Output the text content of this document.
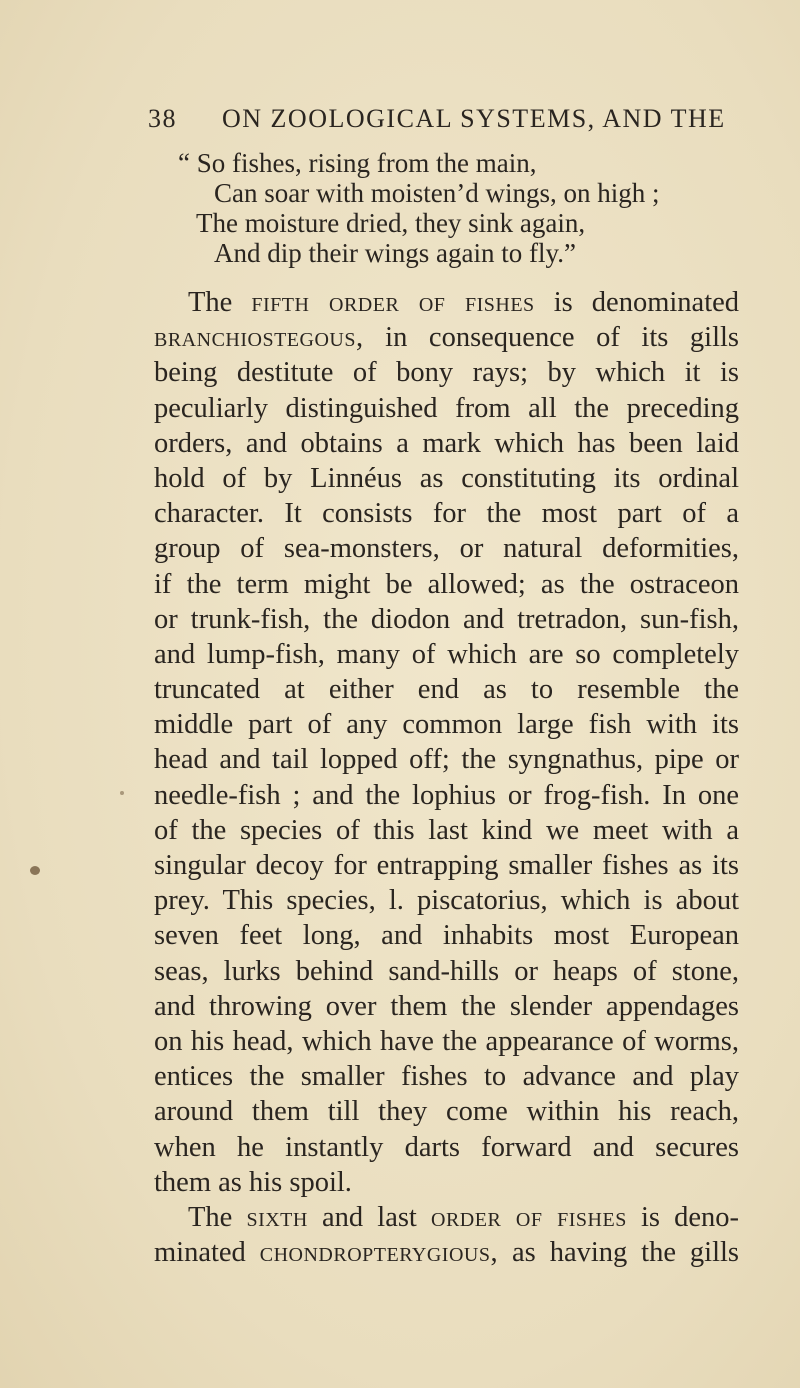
38 ON ZOOLOGICAL SYSTEMS, AND THE
“ So fishes, rising from the main,
Can soar with moisten’d wings, on high ;
The moisture dried, they sink again,
And dip their wings again to fly.”
The fifth order of fishes is denominated
branchiostegous, in consequence of its gills
being destitute of bony rays; by which it is
peculiarly distinguished from all the preceding
orders, and obtains a mark which has been laid
hold of by Linnéus as constituting its ordinal
character. It consists for the most part of a
group of sea-monsters, or natural deformities,
if the term might be allowed; as the ostraceon
or trunk-fish, the diodon and tretradon, sun-fish,
and lump-fish, many of which are so completely
truncated at either end as to resemble the
middle part of any common large fish with its
head and tail lopped off; the syngnathus, pipe or
needle-fish ; and the lophius or frog-fish. In one
of the species of this last kind we meet with a
singular decoy for entrapping smaller fishes as its
prey. This species, l. piscatorius, which is about
seven feet long, and inhabits most European
seas, lurks behind sand-hills or heaps of stone,
and throwing over them the slender appendages
on his head, which have the appearance of worms,
entices the smaller fishes to advance and play
around them till they come within his reach,
when he instantly darts forward and secures
them as his spoil.
The sixth and last order of fishes is deno-
minated chondropterygious, as having the gills
